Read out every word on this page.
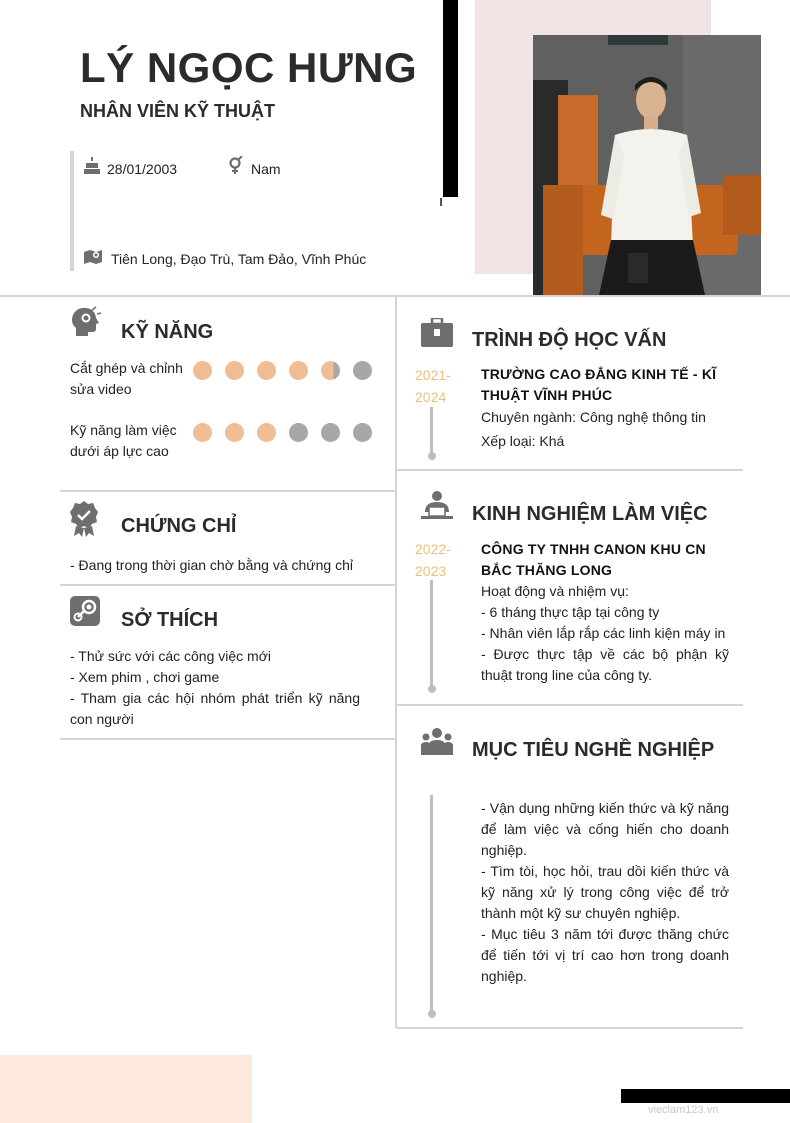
vieclam123.vn
LÝ NGỌC HƯNG
NHÂN VIÊN KỸ THUẬT
28/01/2003	Nam
Tiên Long, Đạo Trù, Tam Đảo, Vĩnh Phúc
KỸ NĂNG
Cắt ghép và chỉnh sửa video
Kỹ năng làm việc dưới áp lực cao
CHỨNG CHỈ
- Đang trong thời gian chờ bằng và chứng chỉ
SỞ THÍCH
- Thử sức với các công việc mới
- Xem phim , chơi game
- Tham gia các hội nhóm phát triển kỹ năng con người
TRÌNH ĐỘ HỌC VẤN
2021-
2024
TRƯỜNG CAO ĐẲNG KINH TẾ - KĨ THUẬT VĨNH PHÚC
Chuyên ngành: Công nghệ thông tin
Xếp loại: Khá
KINH NGHIỆM LÀM VIỆC
2022-
2023
CÔNG TY TNHH CANON KHU CN BẮC THĂNG LONG
Hoạt động và nhiệm vụ:
- 6 tháng thực tập tại công ty
- Nhân viên lắp rắp các linh kiện máy in
- Được thực tập về các bộ phận kỹ thuật trong line của công ty.
MỤC TIÊU NGHỀ NGHIỆP
- Vận dụng những kiến thức và kỹ năng để làm việc và cống hiến cho doanh nghiệp.
- Tìm tòi, học hỏi, trau dồi kiến thức và kỹ năng xử lý trong công việc để trở thành một kỹ sư chuyên nghiệp.
- Mục tiêu 3 năm tới được thăng chức để tiến tới vị trí cao hơn trong doanh nghiệp.
